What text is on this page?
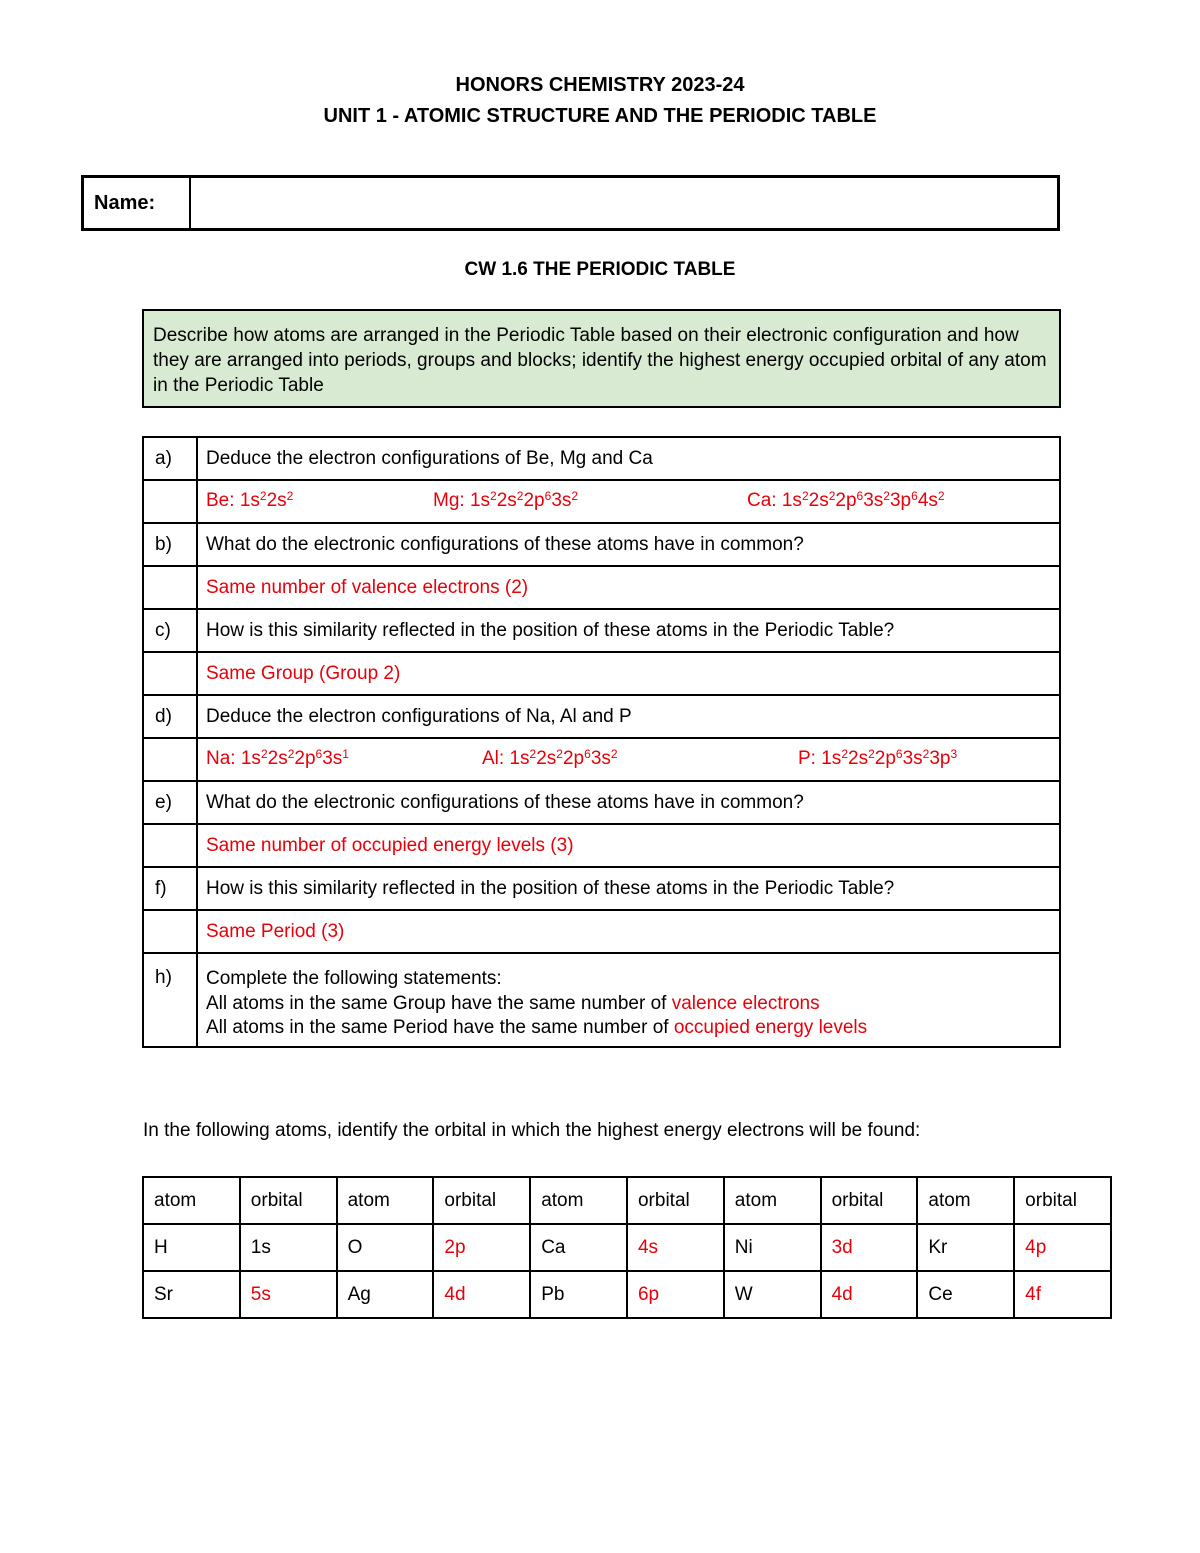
HONORS CHEMISTRY 2023-24
UNIT 1 - ATOMIC STRUCTURE AND THE PERIODIC TABLE
Name:
CW 1.6 THE PERIODIC TABLE
Describe how atoms are arranged in the Periodic Table based on their electronic configuration and how they are arranged into periods, groups and blocks; identify the highest energy occupied orbital of any atom in the Periodic Table
a)	Deduce the electron configurations of Be, Mg and Ca

	Be: $1s^22s^2$ Mg: $1s^22s^22p^63s^2$ Ca: $1s^22s^22p^63s^23p^64s^2$

b)	What do the electronic configurations of these atoms have in common?
	Same number of valence electrons (2)
c)	How is this similarity reflected in the position of these atoms in the Periodic Table?
	Same Group (Group 2)
d)	Deduce the electron configurations of Na, Al and P

	Na: $1s^22s^22p^63s^1$ Al: $1s^22s^22p^63s^2$ P: $1s^22s^22p^63s^23p^3$

e)	What do the electronic configurations of these atoms have in common?
	Same number of occupied energy levels (3)
f)	How is this similarity reflected in the position of these atoms in the Periodic Table?
	Same Period (3)
h)	Complete the following statements:
All atoms in the same Group have the same number of valence electrons
All atoms in the same Period have the same number of occupied energy levels
In the following atoms, identify the orbital in which the highest energy electrons will be found:
atom	orbital	atom	orbital	atom	orbital	atom	orbital	atom	orbital
H	1s	O	2p	Ca	4s	Ni	3d	Kr	4p
Sr	5s	Ag	4d	Pb	6p	W	4d	Ce	4f
